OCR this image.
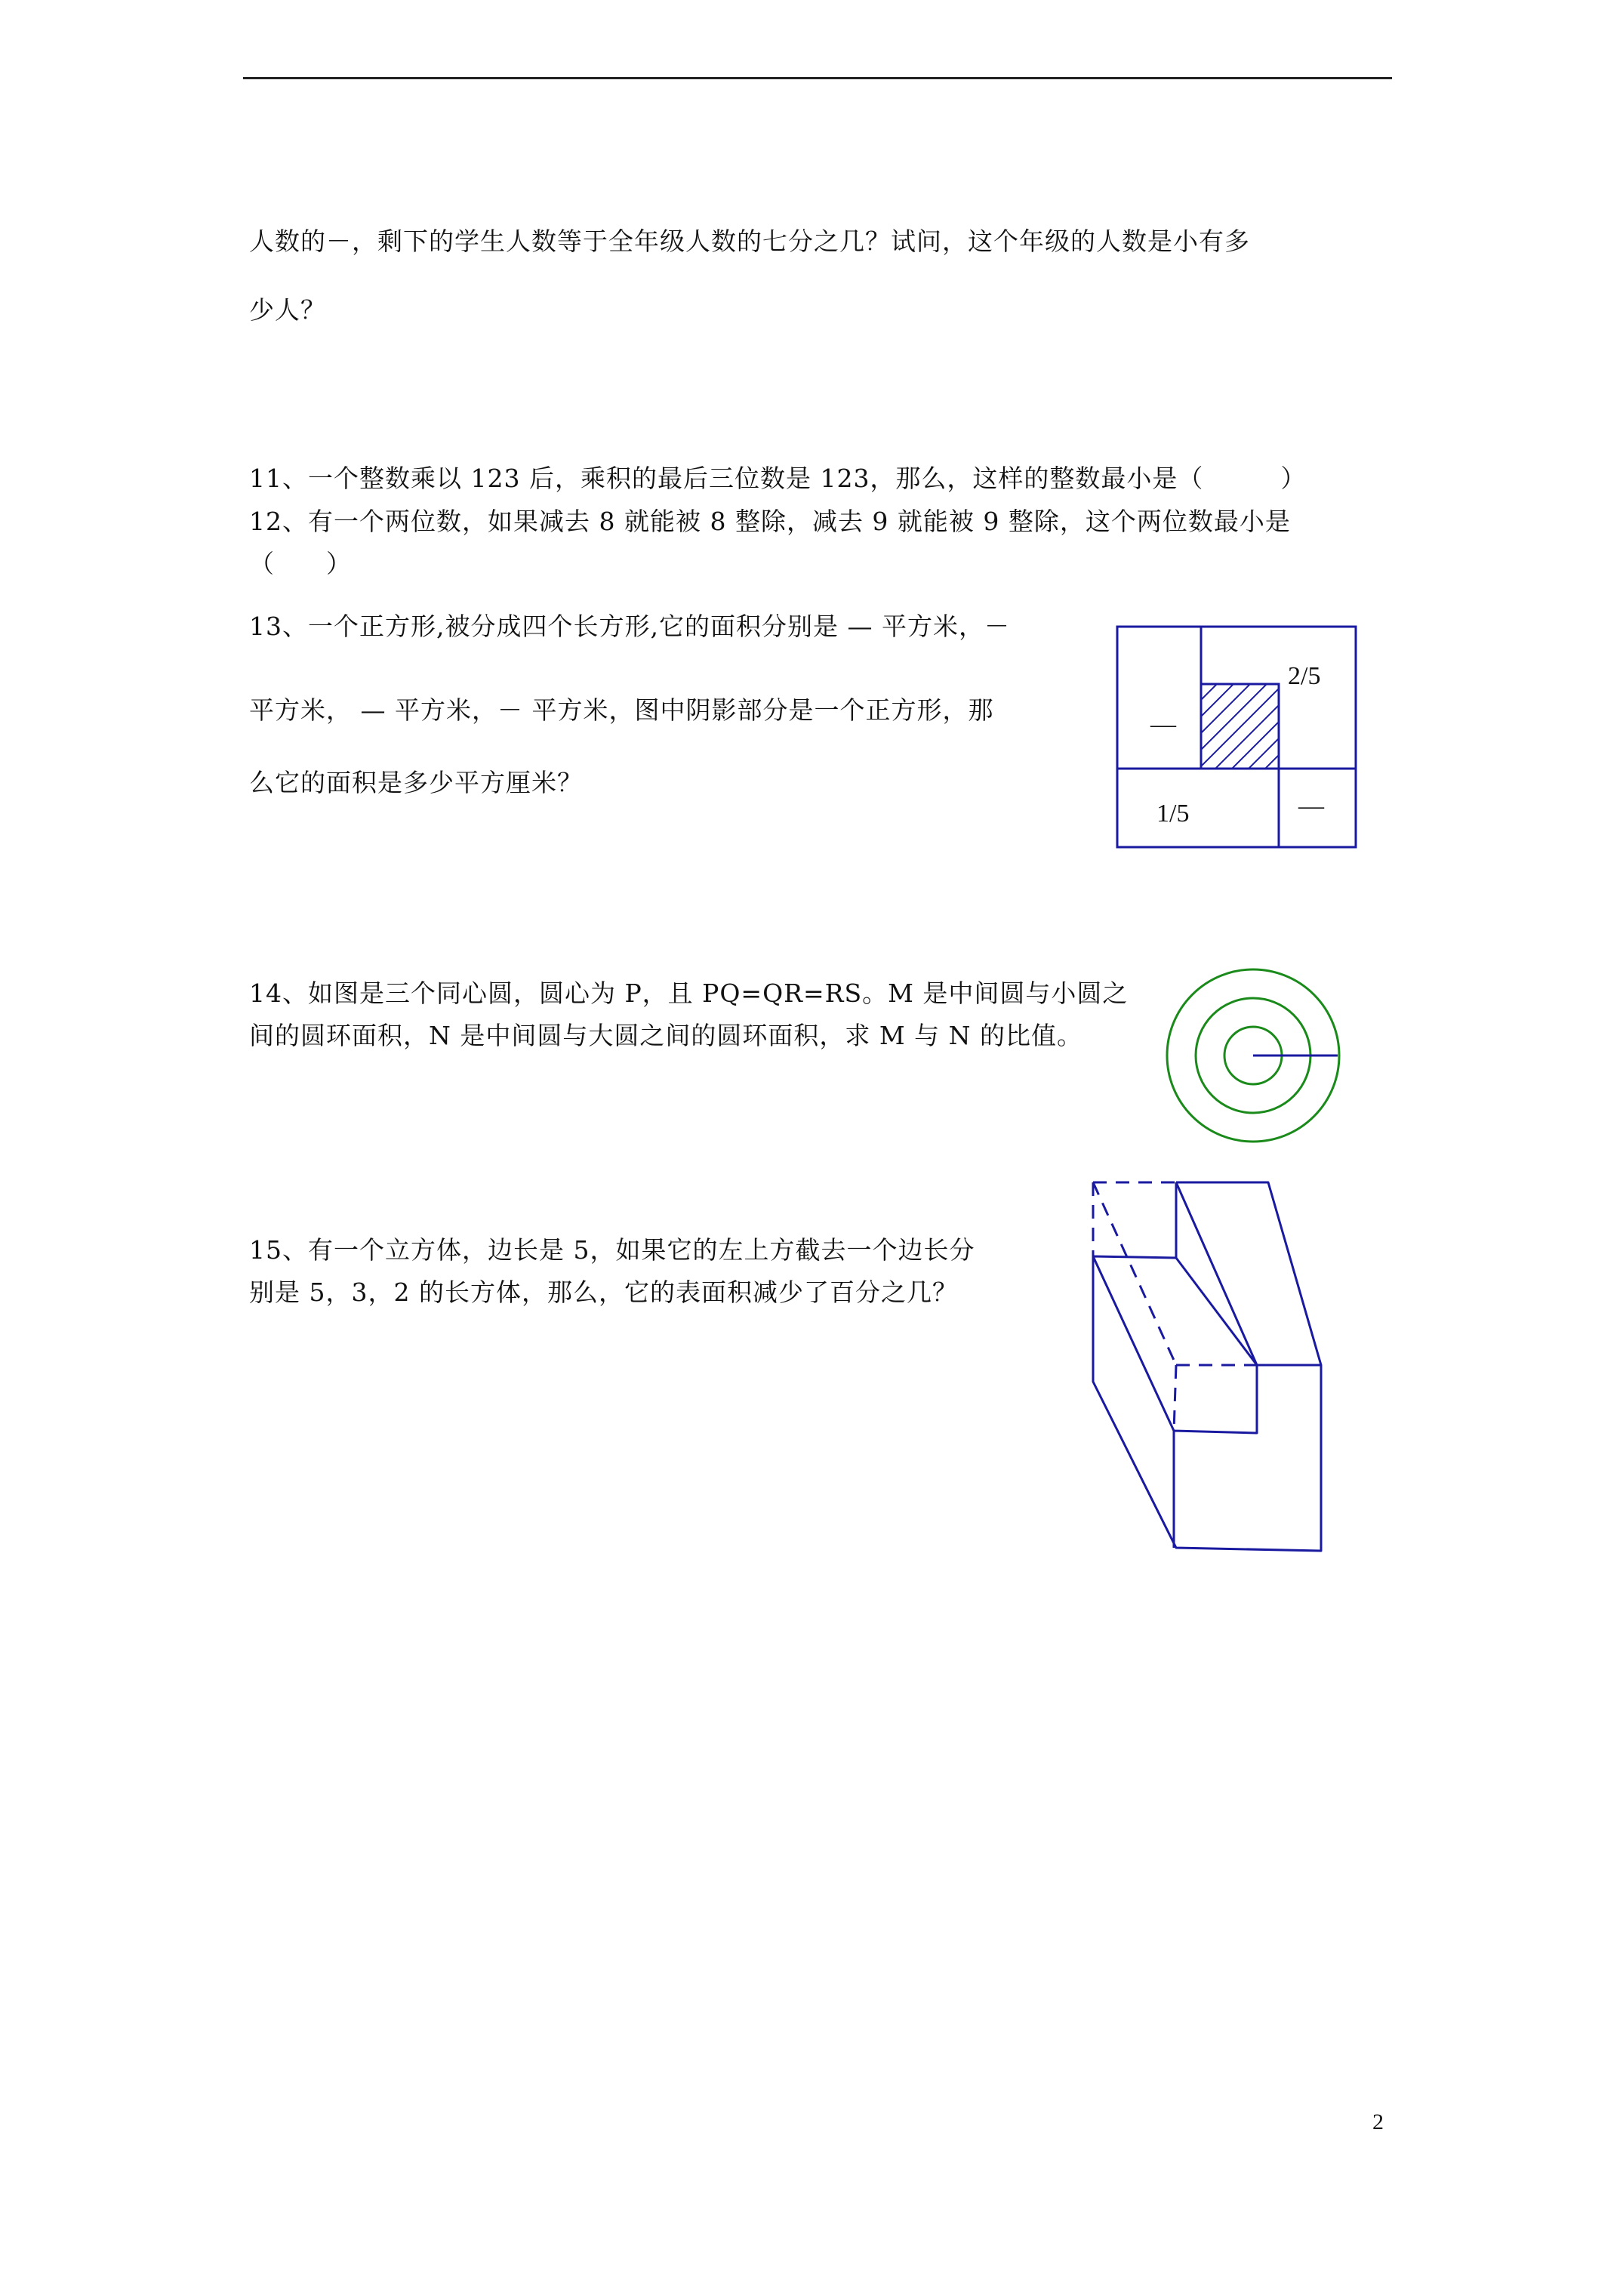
人数的－，剩下的学生人数等于全年级人数的七分之几？试问，这个年级的人数是小有多
少人？
11、一个整数乘以 123 后，乘积的最后三位数是 123，那么，这样的整数最小是（　　　）
12、有一个两位数，如果减去 8 就能被 8 整除，减去 9 就能被 9 整除，这个两位数最小是
（　　）
13、一个正方形,被分成四个长方形,它的面积分别是 — 平方米，－
平方米， — 平方米，－ 平方米，图中阴影部分是一个正方形，那
么它的面积是多少平方厘米？
2/5
1/5
—
—
14、如图是三个同心圆，圆心为 P，且 PQ=QR=RS。M 是中间圆与小圆之
间的圆环面积，N 是中间圆与大圆之间的圆环面积，求 M 与 N 的比值。
15、有一个立方体，边长是 5，如果它的左上方截去一个边长分
别是 5，3，2 的长方体，那么，它的表面积减少了百分之几？
2
